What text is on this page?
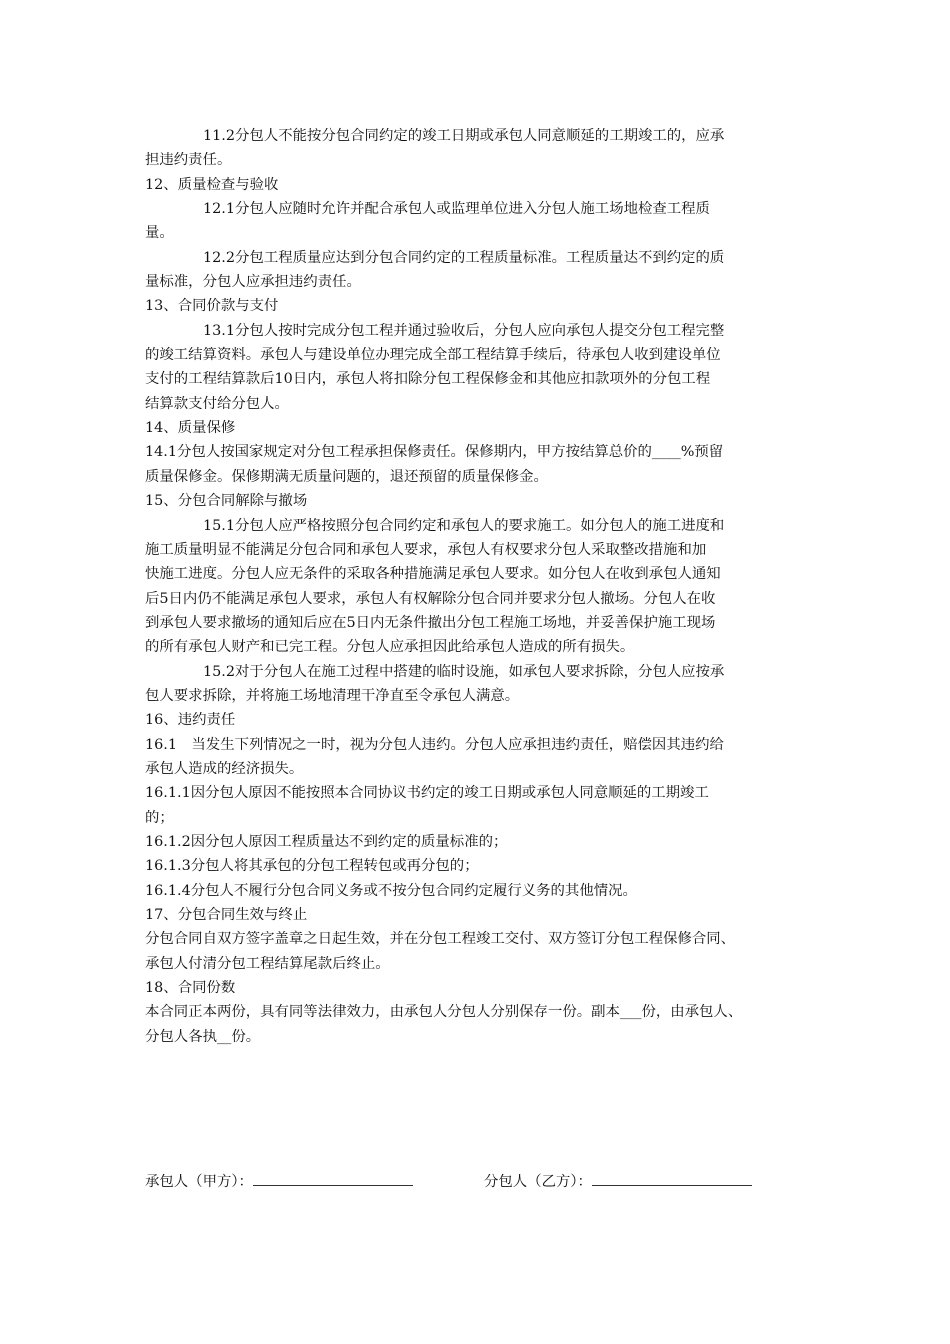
11.2分包人不能按分包合同约定的竣工日期或承包人同意顺延的工期竣工的，应承
担违约责任。
12、质量检查与验收
12.1分包人应随时允许并配合承包人或监理单位进入分包人施工场地检查工程质
量。
12.2分包工程质量应达到分包合同约定的工程质量标准。工程质量达不到约定的质
量标准，分包人应承担违约责任。
13、合同价款与支付
13.1分包人按时完成分包工程并通过验收后，分包人应向承包人提交分包工程完整
的竣工结算资料。承包人与建设单位办理完成全部工程结算手续后，待承包人收到建设单位
支付的工程结算款后10日内，承包人将扣除分包工程保修金和其他应扣款项外的分包工程
结算款支付给分包人。
14、质量保修
14.1分包人按国家规定对分包工程承担保修责任。保修期内，甲方按结算总价的____%预留
质量保修金。保修期满无质量问题的，退还预留的质量保修金。
15、分包合同解除与撤场
15.1分包人应严格按照分包合同约定和承包人的要求施工。如分包人的施工进度和
施工质量明显不能满足分包合同和承包人要求，承包人有权要求分包人采取整改措施和加
快施工进度。分包人应无条件的采取各种措施满足承包人要求。如分包人在收到承包人通知
后5日内仍不能满足承包人要求，承包人有权解除分包合同并要求分包人撤场。分包人在收
到承包人要求撤场的通知后应在5日内无条件撤出分包工程施工场地，并妥善保护施工现场
的所有承包人财产和已完工程。分包人应承担因此给承包人造成的所有损失。
15.2对于分包人在施工过程中搭建的临时设施，如承包人要求拆除，分包人应按承
包人要求拆除，并将施工场地清理干净直至令承包人满意。
16、违约责任
16.1　当发生下列情况之一时，视为分包人违约。分包人应承担违约责任，赔偿因其违约给
承包人造成的经济损失。
16.1.1因分包人原因不能按照本合同协议书约定的竣工日期或承包人同意顺延的工期竣工
的；
16.1.2因分包人原因工程质量达不到约定的质量标准的；
16.1.3分包人将其承包的分包工程转包或再分包的；
16.1.4分包人不履行分包合同义务或不按分包合同约定履行义务的其他情况。
17、分包合同生效与终止
分包合同自双方签字盖章之日起生效，并在分包工程竣工交付、双方签订分包工程保修合同、
承包人付清分包工程结算尾款后终止。
18、合同份数
本合同正本两份，具有同等法律效力，由承包人分包人分别保存一份。副本___份，由承包人、
分包人各执__份。
承包人（甲方）：	分包人（乙方）：
